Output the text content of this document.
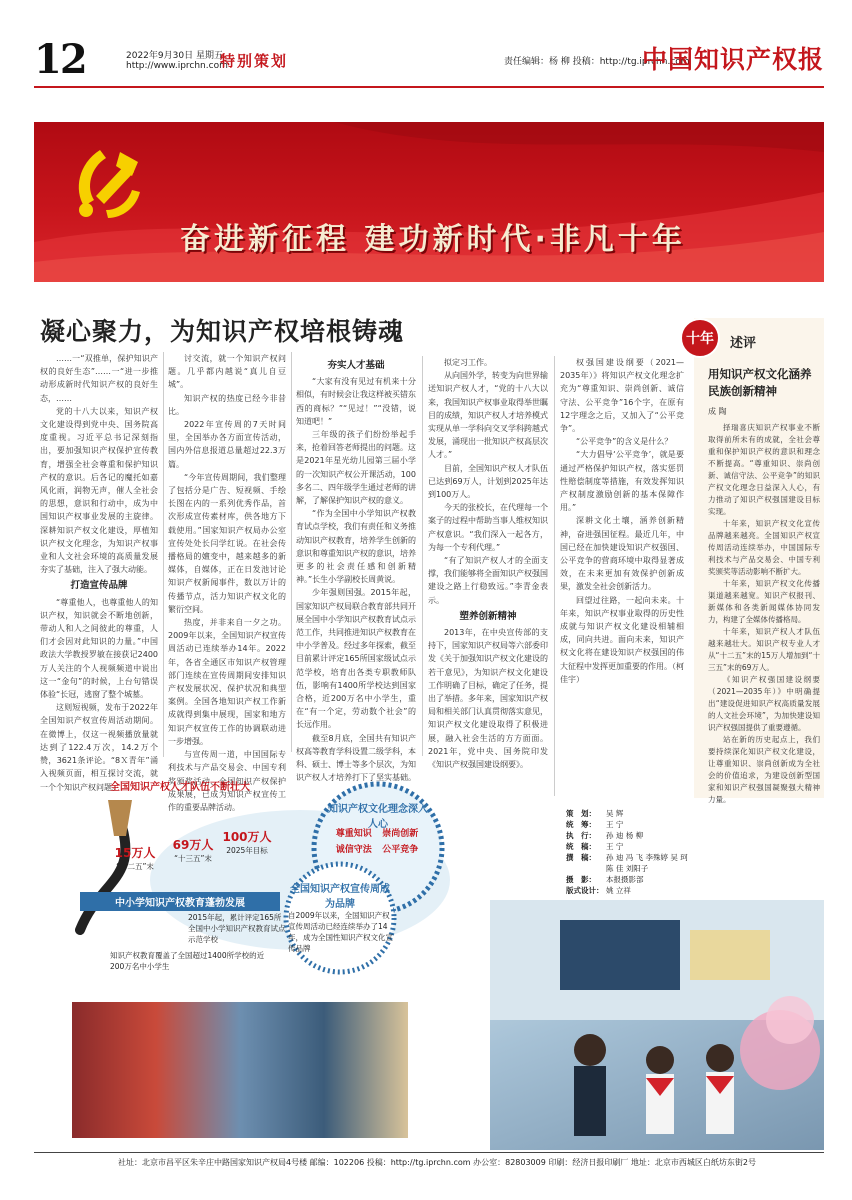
12	2022年9月30日 星期五
http://www.iprchn.com
特别策划	责任编辑：杨 柳 投稿：http://tg.iprchn.com
中国知识产权报
奋进新征程 建功新时代·非凡十年
凝心聚力，为知识产权培根铸魂

……一“双推单，保护知识产权的良好生态”……一“进一步推动形成新时代知识产权的良好生态，……

党的十八大以来，知识产权文化建设得到党中央、国务院高度重视。习近平总书记深刻指出，要加强知识产权保护宣传教育，增强全社会尊重和保护知识产权的意识。后各记的魔托如嘉风化雨，润物无声，催人全社会的思想，意识和行动中，成为中国知识产权事业发展的主旋律。深耕知识产权文化建设，厚植知识产权文化理念，为知识产权事业和人文社会环境的高质量发展夯实了基础，注入了强大动能。

打造宣传品牌

“尊重他人，也尊重他人的知识产权，知识就会不断地创新，带动人和人之间彼此的尊重，人们才会因对此知识的力量。”中国政法大学教授罗敏在接获记2400万人关注的个人视频频道中说出这一“金句”的时候，上台句错误体验“长冠，逃窗了整个城墓。

这则短视频，发布于2022年全国知识产权宣传周活动期间。在微博上，仅这一视频播放量就达到了122.4万次，14.2万个赞，3621条评论。“8Ｘ青年”涌入视频页面，相互探讨交流，就一个个知识产权问题。

讨交流，就一个知识产权问题。几乎都内越说“真儿自豆城”。

知识产权的热度已经今非昔比。

2022年宣传周的7天时间里，全国举办各方面宣传活动，国内外信息报道总量超过22.3万篇。

“今年宣传周期间，我们整理了包括分是广告、短视频、手绘长图在内的一系列优秀作品，首次形成宣传素材库，供各地方下载使用。”国家知识产权局办公室宣传处处长闫学红说。在社会传播格局的嬗变中，越来越多的新媒体，自媒体，正在日发池讨论知识产权新闻事件，数以万计的传播节点，活力知识产权文化的繁衍空间。

热度，并非来自一夕之功。2009年以来，全国知识产权宣传周活动已连续举办14年。2022年，各省全通区市知识产权管理部门连续在宣传周期间安排知识产权发展状况、保护状况和典型案例。全国各地知识产权工作新成就得到集中展现，国家和地方知识产权宣传工作的协调联动进一步增强。

与宣传周一道，中国国际专利技术与产品交易会、中国专利奖颁奖活动、全国知识产权保护成果展，已成为知识产权宣传工作的重要品牌活动。

夯实人才基础

“大家有没有见过有机来十分相似，有时候会让我这样被买错东西的商标？”“见过！”“没错，说知道吧！”

三年级的孩子们纷纷举起手来，抢着回答老师提出的问题。这是2021年星光幼儿园第三届小学的一次知识产权公开课活动，100多名二、四年级学生通过老师的讲解，了解保护知识产权的意义。

“作为全国中小学知识产权教育试点学校，我们有责任和义务推动知识产权教育，培养学生创新的意识和尊重知识产权的意识，培养更多的社会责任感和创新精神。”长生小学副校长周黄说。

少年强则国强。2015年起，国家知识产权局联合教育部共同开展全国中小学知识产权教育试点示范工作，共同推进知识产权教育在中小学普及。经过多年探索，截至目前累计评定165所国家级试点示范学校，培育出各类专职教师队伍，影响有1400所学校达到国家合格，近200万名中小学生，重在“有一个定，劳动数个社会”的长远作用。

截至8月底，全国共有知识产权高等教育学科设置二级学科，本科、硕士、博士等多个层次，为知识产权人才培养打下了坚实基础。

拟定习工作。

从向国外学，转变为向世界输送知识产权人才，“党的十八大以来，我国知识产权事业取得举世瞩目的成绩，知识产权人才培养模式实现从单一学科向交叉学科跨越式发展，涌现出一批知识产权高层次人才。”

目前，全国知识产权人才队伍已达到69万人，计划到2025年达到100万人。

今天的张校长，在代理每一个案子的过程中帮助当事人维权知识产权意识。“我们深入一起各方，为每一个专利代理。”

“有了知识产权人才的全面支撑，我们能够将全面知识产权强国建设之路上行稳致远。”李青金表示。

塑养创新精神

2013年，在中央宣传部的支持下，国家知识产权局等六部委印发《关于加强知识产权文化建设的若干意见》，为知识产权文化建设工作明确了目标，确定了任务，提出了举措。多年来，国家知识产权局和相关部门认真贯彻落实意见，知识产权文化建设取得了积极进展，融入社会生活的方方面面。2021年，党中央、国务院印发《知识产权强国建设纲要》。

权强国建设纲要（2021—2035年）》将知识产权文化理念扩充为“尊重知识、崇尚创新、诚信守法、公平竞争”16个字，在原有12字理念之后，又加入了“公平竞争”。

“公平竞争”的含义是什么？

“大力倡导‘公平竞争’，就是要通过严格保护知识产权，落实惩罚性赔偿制度等措施，有效发挥知识产权制度激励创新的基本保障作用。”

深耕文化土壤，涵养创新精神，奋进强国征程。最近几年，中国已经在加快建设知识产权强国、公平竞争的营商环境中取得显著成效，在未来更加有效保护创新成果，激发全社会创新活力。

回望过往路，一起向未来。十年来，知识产权事业取得的历史性成就与知识产权文化建设相辅相成，同向共进。面向未来，知识产权文化将在建设知识产权强国的伟大征程中发挥更加重要的作用。（柯佳宇）

全国知识产权人才队伍不断壮大
15万人
“十二五”末
69万人
“十三五”末
100万人
2025年目标
中小学知识产权教育蓬勃发展
2015年起，累计评定165所全国中小学知识产权教育试点示范学校
知识产权教育覆盖了全国超过1400所学校的近200万名中小学生
全国知识产权宣传周成为品牌
自2009年以来，全国知识产权宣传周活动已经连续举办了14年，成为全国性知识产权文化宣传品牌
知识产权文化理念深入人心
尊重知识	崇尚创新
诚信守法	公平竞争
策　划：	吴 辉
统　筹：	王 宁
执　行：	孙 迪 杨 柳
统　稿：	王 宁
撰　稿：	孙 迪 冯 飞 李殊婷 吴 珂 陈 佳 刘阳子
摄　影：	本报摄影部
版式设计： 姚 立祥
十年	述评
用知识产权文化涵养民族创新精神
成 陶

择瑞喜庆知识产权事业不断取得前所未有的成就，全社会尊重和保护知识产权的意识和理念不断提高。“尊重知识、崇尚创新、诚信守法、公平竞争”的知识产权文化理念日益深入人心，有力推动了知识产权强国建设目标实现。

十年来，知识产权文化宣传品牌越来越亮。全国知识产权宣传周活动连续举办，中国国际专利技术与产品交易会、中国专利奖颁奖等活动影响不断扩大。

十年来，知识产权文化传播渠道越来越宽。知识产权报刊、新媒体和各类新闻媒体协同发力，构建了全媒体传播格局。

十年来，知识产权人才队伍越来越壮大。知识产权专业人才从“十二五”末的15万人增加到“十三五”末的69万人。

《知识产权强国建设纲要（2021—2035年）》中明确提出“建设促进知识产权高质量发展的人文社会环境”，为加快建设知识产权强国提供了重要遵循。

站在新的历史起点上，我们要持续深化知识产权文化建设，让尊重知识、崇尚创新成为全社会的价值追求，为建设创新型国家和知识产权强国凝聚强大精神力量。

社址：北京市昌平区朱辛庄中路国家知识产权局4号楼 邮编：102206 投稿：http://tg.iprchn.com 办公室：82803009 印刷：经济日报印刷厂 地址：北京市西城区白纸坊东街2号
